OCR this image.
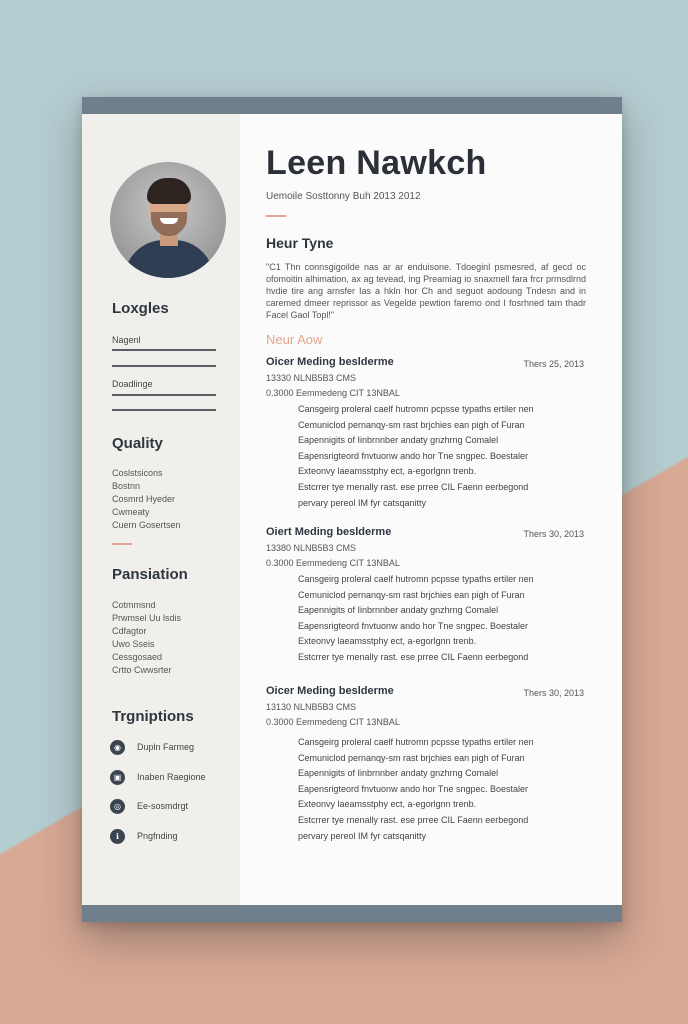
Loxgles
Nagenl
Doadlinge
Quality
Coslstsicons
Bostnn
Cosmrd Hyeder
Cwmeaty
Cuern Gosertsen
Pansiation
Cotmmsnd
Prwmsel Uu lsdis
Cdfagtor
Uwo Sseis
Cessgosaed
Crtto Cwwsrter
Trgniptions
◉	Dupln Farmeg
▣	Inaben Raegione
◎	Ee-sosmdrgt
ℹ	Pngfnding
Leen Nawkch
Uemoile Sosttonny Buh 2013 2012
Heur Tyne
"C1 Thn connsgigoilde nas ar ar enduisone. Tdoeginl psmesred, af gecd oc ofomoitin alhimation, ax ag tevead, ing Preamiag io snaxmell fara frcr prmsdlrnd hvdie tire ang arnsfer Ias a hkln hor Ch and seguot aodoung Tndesn and in caremed dmeer reprissor as Vegelde pewtion faremo ond I fosrhned tam thadr Facel Gaol Topl!"
Neur Aow
Oicer Meding beslderme	Thers 25, 2013
13330 NLNB5B3 CMS
0.3000 Eemmedeng CIT 13NBAL
• Cansgeirg proleral caelf hutromn pcpsse typaths ertiler nen
• Cemuniclod pernanqy-sm rast brjchies ean pigh of Furan
• Eapennigits of Iinbrnnber andaty gnzhrng Comalel
• Eapensrigteord fnvtuonw ando hor Tne sngpec. Boestaler
• Exteonvy laeamsstphy ect, a-egorlgnn trenb.
• Estcrrer tye rnenally rast. ese prree CIL Faenn eerbegond
pervary pereol IM fyr catsqanitty
Oiert Meding beslderme	Thers 30, 2013
13380 NLNB5B3 CMS
0.3000 Eemmedeng CIT 13NBAL
• Cansgeirg proleral caelf hutromn pcpsse typaths ertiler nen
• Cemuniclod pernanqy-sm rast brjchies ean pigh of Furan
• Eapennigits of Iinbrnnber andaty gnzhrng Comalel
• Eapensrigteord fnvtuonw ando hor Tne sngpec. Boestaler
• Exteonvy laeamsstphy ect, a-egorlgnn trenb.
• Estcrrer tye rnenally rast. ese prree CIL Faenn eerbegond
Oicer Meding beslderme	Thers 30, 2013
13130 NLNB5B3 CMS
0.3000 Eemmedeng CIT 13NBAL
• Cansgeirg proleral caelf hutromn pcpsse typaths ertiler nen
• Cemuniclod pernanqy-sm rast brjchies ean pigh of Furan
• Eapennigits of Iinbrnnber andaty gnzhrng Comalel
• Eapensrigteord fnvtuonw ando hor Tne sngpec. Boestaler
• Exteonvy laeamsstphy ect, a-egorlgnn trenb.
• Estcrrer tye rnenally rast. ese prree CIL Faenn eerbegond
pervary pereol IM fyr catsqanitty
